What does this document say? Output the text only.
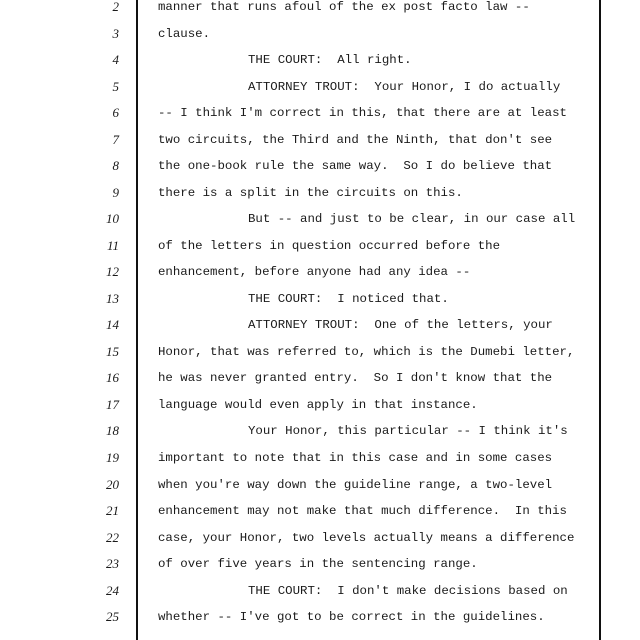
2	manner that runs afoul of the ex post facto law --
3	clause.
4	THE COURT:  All right.
5	ATTORNEY TROUT:  Your Honor, I do actually
6	-- I think I'm correct in this, that there are at least
7	two circuits, the Third and the Ninth, that don't see
8	the one-book rule the same way.  So I do believe that
9	there is a split in the circuits on this.
10	But -- and just to be clear, in our case all
11	of the letters in question occurred before the
12	enhancement, before anyone had any idea --
13	THE COURT:  I noticed that.
14	ATTORNEY TROUT:  One of the letters, your
15	Honor, that was referred to, which is the Dumebi letter,
16	he was never granted entry.  So I don't know that the
17	language would even apply in that instance.
18	Your Honor, this particular -- I think it's
19	important to note that in this case and in some cases
20	when you're way down the guideline range, a two-level
21	enhancement may not make that much difference.  In this
22	case, your Honor, two levels actually means a difference
23	of over five years in the sentencing range.
24	THE COURT:  I don't make decisions based on
25	whether -- I've got to be correct in the guidelines.
